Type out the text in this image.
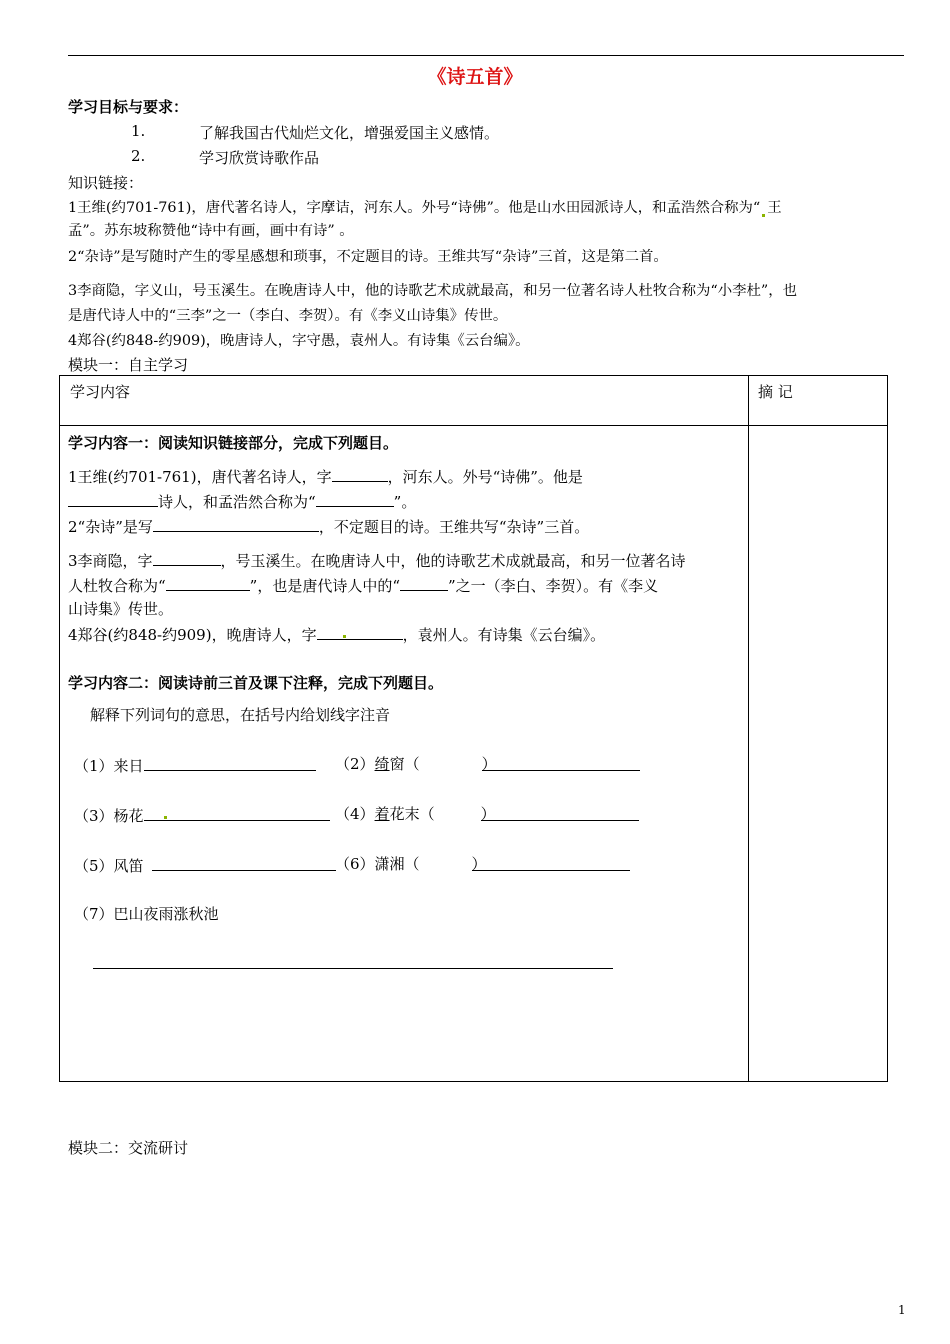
《诗五首》
学习目标与要求：
1.	了解我国古代灿烂文化，增强爱国主义感情。
2.	学习欣赏诗歌作品
知识链接：
1王维(约701-761)，唐代著名诗人，字摩诘，河东人。外号“诗佛”。他是山水田园派诗人，和孟浩然合称为“ 王
孟”。苏东坡称赞他“诗中有画，画中有诗” 。
2“杂诗”是写随时产生的零星感想和琐事，不定题目的诗。王维共写“杂诗”三首，这是第二首。
3李商隐，字义山，号玉溪生。在晚唐诗人中，他的诗歌艺术成就最高，和另一位著名诗人杜牧合称为“小李杜”，也
是唐代诗人中的“三李”之一（李白、李贺）。有《李义山诗集》传世。
4郑谷(约848-约909)，晚唐诗人，字守愚，袁州人。有诗集《云台编》。
模块一：自主学习
学习内容	摘 记
学习内容一：阅读知识链接部分，完成下列题目。
1王维(约701-761)，唐代著名诗人，字	，河东人。外号“诗佛”。他是
诗人，和孟浩然合称为“	”。
2“杂诗”是写	，不定题目的诗。王维共写“杂诗”三首。
3李商隐，字	，号玉溪生。在晚唐诗人中，他的诗歌艺术成就最高，和另一位著名诗
人杜牧合称为“	”，也是唐代诗人中的“	”之一（李白、李贺）。有《李义
山诗集》传世。
4郑谷(约848-约909)，晚唐诗人，字	，袁州人。有诗集《云台编》。
学习内容二：阅读诗前三首及课下注释，完成下列题目。
解释下列词句的意思，在括号内给划线字注音
（1）来日	（2）绮窗（	）
（3）杨花	（4）着花末（	）
（5）风笛	（6）潇湘（	）
（7）巴山夜雨涨秋池
模块二：交流研讨
1
